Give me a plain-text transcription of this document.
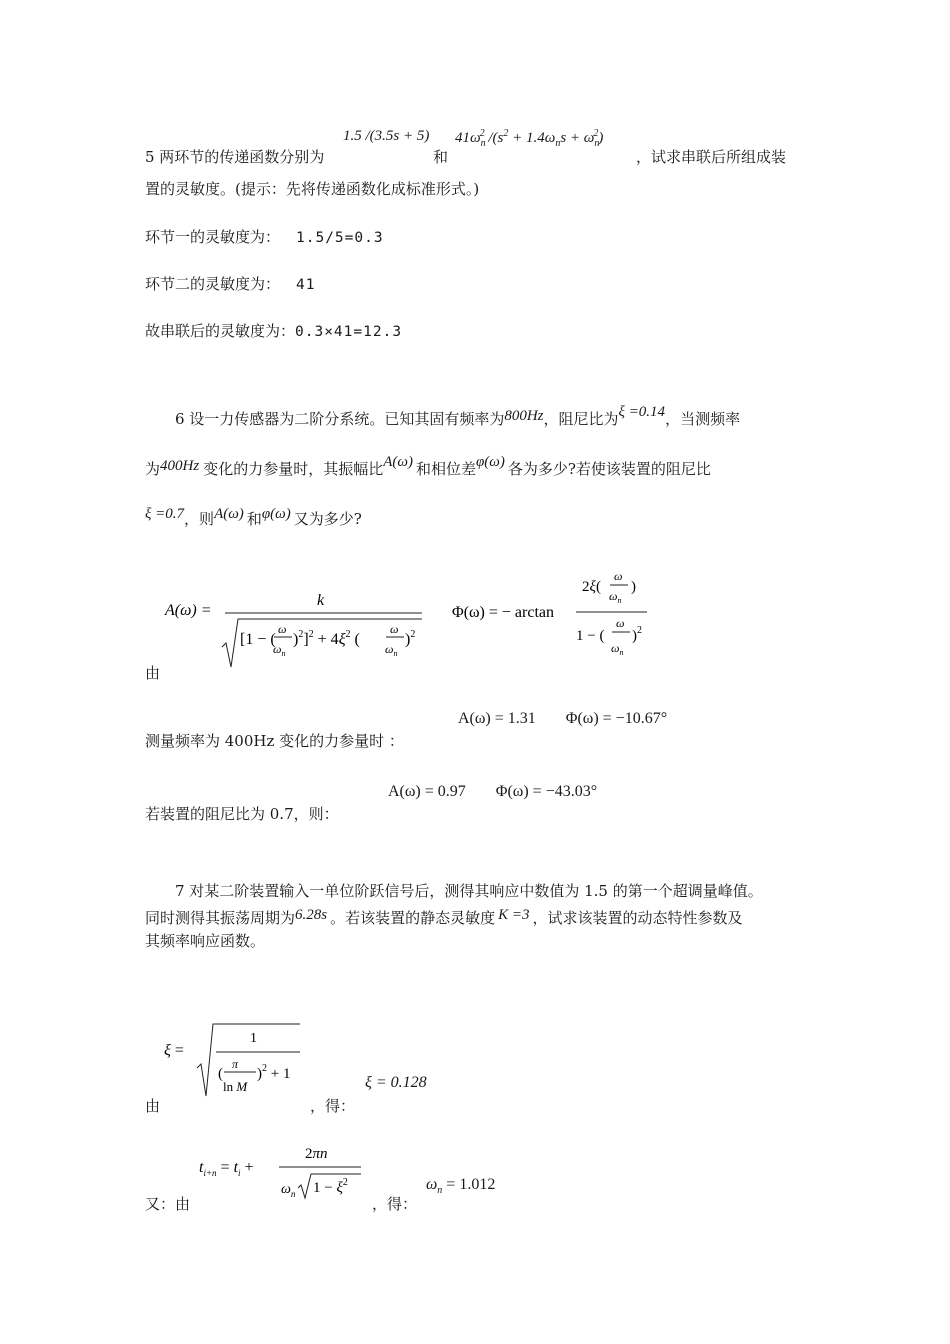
5 两环节的传递函数分别为
1.5 /(3.5s + 5)
和
$41\omega_n^2$ $/(s^2 + 1.4\omega_ns + \omega_n^2)$
，试求串联后所组成装
置的灵敏度。(提示：先将传递函数化成标准形式。)
环节一的灵敏度为： 1.5/5=0.3
环节二的灵敏度为： 41
故串联后的灵敏度为：0.3×41=12.3
6 设一力传感器为二阶分系统。已知其固有频率为800Hz，阻尼比为ξ =0.14，当测频率
为400Hz 变化的力参量时，其振幅比A(ω) 和相位差φ(ω) 各为多少?若使该装置的阻尼比
ξ =0.7，则A(ω) 和φ(ω) 又为多少?
由
A(ω) =
k
[1 − (
ω
$\omega_n$
)$^2]^2 + 4\xi^2$ (
ω
$\omega_n$
)$^2$
Φ(ω) = − arctan
2ξ(
ω
$\omega_n$
)
1 − (
ω
$\omega_n$
)$^2$
测量频率为 400Hz 变化的力参量时 ：
A(ω) = 1.31 Φ(ω) = −10.67°
若装置的阻尼比为 0.7，则：
A(ω) = 0.97 Φ(ω) = −43.03°
7 对某二阶装置输入一单位阶跃信号后，测得其响应中数值为 1.5 的第一个超调量峰值。
同时测得其振荡周期为6.28s 。若该装置的静态灵敏度 K =3 ，试求该装置的动态特性参数及
其频率响应函数。
由
ξ =
1
(
π
ln M
)$^2$ + 1
，得：
ξ = 0.128
又：由
$t_{i+n} = t_i$ +
2πn
$\omega_n$ $1 - \xi^2$
，得：
$\omega_n = 1.012$
